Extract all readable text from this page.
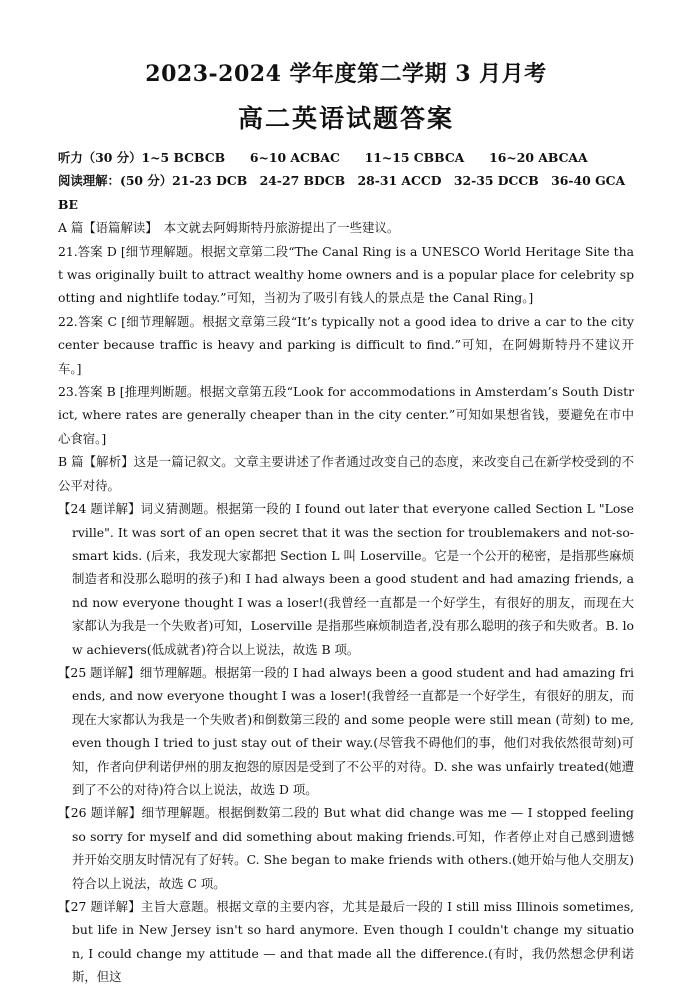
2023-2024 学年度第二学期 3 月月考
高二英语试题答案

听力（30 分）1~5 BCBCB　　6~10 ACBAC　　11~15 CBBCA　　16~20 ABCAA

阅读理解：(50 分）21-23 DCB　24-27 BDCB　28-31 ACCD　32-35 DCCB　36-40 GCABE

A 篇【语篇解读】　本文就去阿姆斯特丹旅游提出了一些建议。

21.答案 D [细节理解题。根据文章第二段“The Canal Ring is a UNESCO World Heritage Site that was originally built to attract wealthy home owners and is a popular place for celebrity spotting and nightlife today.”可知，当初为了吸引有钱人的景点是 the Canal Ring。]

22.答案 C [细节理解题。根据文章第三段“It’s typically not a good idea to drive a car to the city center because traffic is heavy and parking is difficult to find.”可知，在阿姆斯特丹不建议开车。]

23.答案 B [推理判断题。根据文章第五段“Look for accommodations in Amsterdam’s South District, where rates are generally cheaper than in the city center.”可知如果想省钱，要避免在市中心食宿。]

B 篇【解析】这是一篇记叙文。文章主要讲述了作者通过改变自己的态度，来改变自己在新学校受到的不公平对待。

【24 题详解】词义猜测题。根据第一段的 I found out later that everyone called Section L "Loserville". It was sort of an open secret that it was the section for troublemakers and not-so-smart kids. (后来，我发现大家都把 Section L 叫 Loserville。它是一个公开的秘密，是指那些麻烦制造者和没那么聪明的孩子)和 I had always been a good student and had amazing friends, and now everyone thought I was a loser!(我曾经一直都是一个好学生，有很好的朋友，而现在大家都认为我是一个失败者)可知，Loserville 是指那些麻烦制造者,没有那么聪明的孩子和失败者。B. low achievers(低成就者)符合以上说法，故选 B 项。

【25 题详解】细节理解题。根据第一段的 I had always been a good student and had amazing friends, and now everyone thought I was a loser!(我曾经一直都是一个好学生，有很好的朋友，而现在大家都认为我是一个失败者)和倒数第三段的 and some people were still mean (苛刻) to me, even though I tried to just stay out of their way.(尽管我不碍他们的事，他们对我依然很苛刻)可知，作者向伊利诺伊州的朋友抱怨的原因是受到了不公平的对待。D. she was unfairly treated(她遭到了不公的对待)符合以上说法，故选 D 项。

【26 题详解】细节理解题。根据倒数第二段的 But what did change was me — I stopped feeling so sorry for myself and did something about making friends.可知，作者停止对自己感到遗憾并开始交朋友时情况有了好转。C. She began to make friends with others.(她开始与他人交朋友)符合以上说法，故选 C 项。

【27 题详解】主旨大意题。根据文章的主要内容，尤其是最后一段的 I still miss Illinois sometimes, but life in New Jersey isn't so hard anymore. Even though I couldn't change my situation, I could change my attitude — and that made all the difference.(有时，我仍然想念伊利诺斯，但这
